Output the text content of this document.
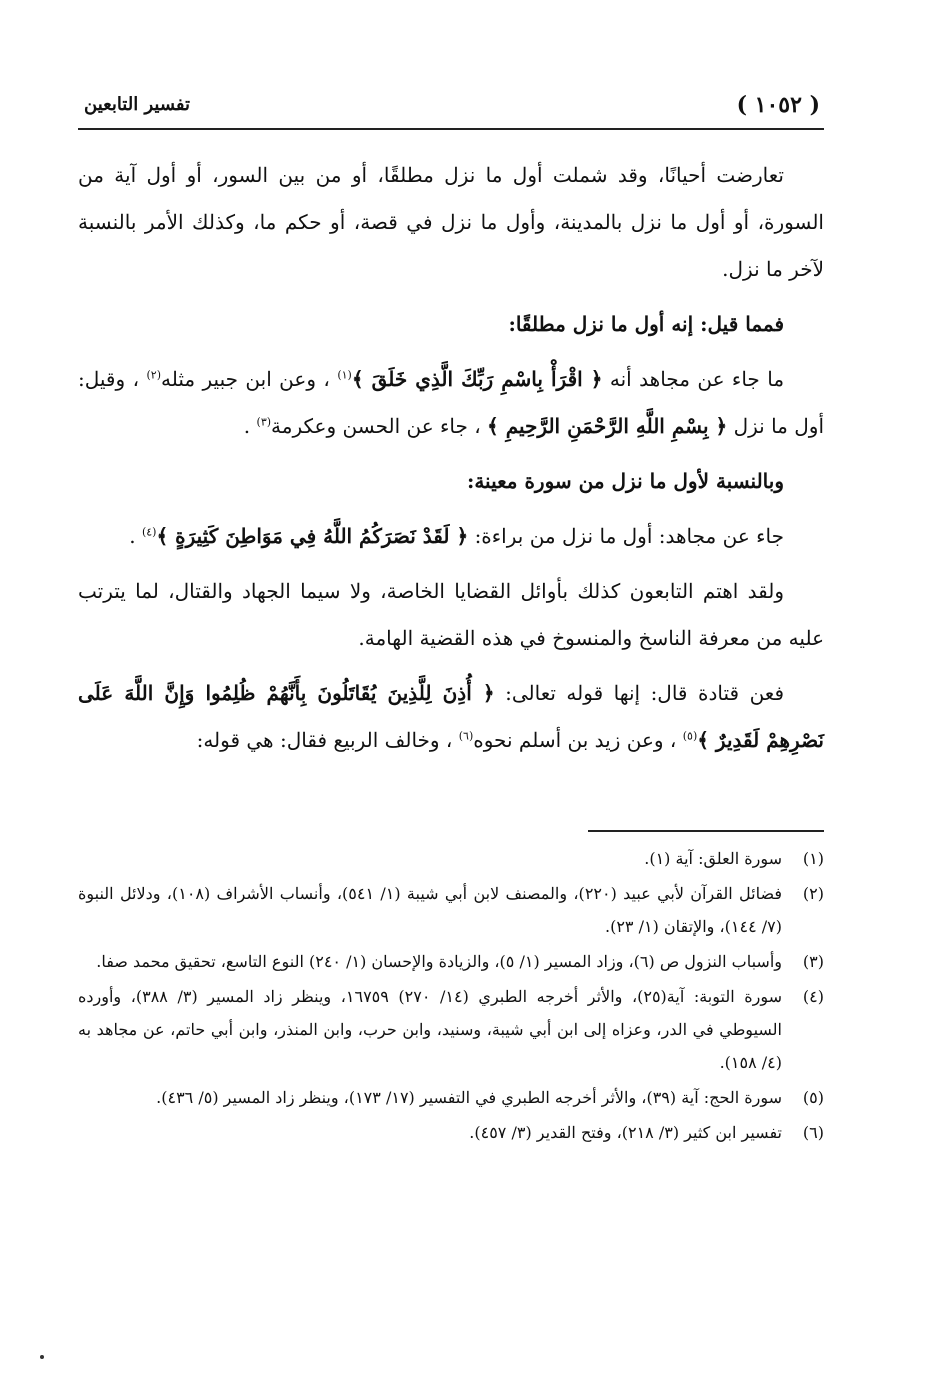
( ١٠٥٢ )
تفسير التابعين

تعارضت أحيانًا، وقد شملت أول ما نزل مطلقًا، أو من بين السور، أو أول آية من السورة، أو أول ما نزل بالمدينة، وأول ما نزل في قصة، أو حكم ما، وكذلك الأمر بالنسبة لآخر ما نزل.

فمما قيل: إنه أول ما نزل مطلقًا:

ما جاء عن مجاهد أنه ﴿ اقْرَأْ بِاسْمِ رَبِّكَ الَّذِي خَلَقَ ﴾$^{(١)}$ ، وعن ابن جبير مثله$^{(٢)}$ ، وقيل: أول ما نزل ﴿ بِسْمِ اللَّهِ الرَّحْمَنِ الرَّحِيمِ ﴾ ، جاء عن الحسن وعكرمة$^{(٣)}$ .

وبالنسبة لأول ما نزل من سورة معينة:

جاء عن مجاهد: أول ما نزل من براءة: ﴿ لَقَدْ نَصَرَكُمُ اللَّهُ فِي مَوَاطِنَ كَثِيرَةٍ ﴾$^{(٤)}$ .

ولقد اهتم التابعون كذلك بأوائل القضايا الخاصة، ولا سيما الجهاد والقتال، لما يترتب عليه من معرفة الناسخ والمنسوخ في هذه القضية الهامة.

فعن قتادة قال: إنها قوله تعالى: ﴿ أُذِنَ لِلَّذِينَ يُقَاتَلُونَ بِأَنَّهُمْ ظُلِمُوا وَإِنَّ اللَّهَ عَلَى نَصْرِهِمْ لَقَدِيرٌ ﴾$^{(٥)}$ ، وعن زيد بن أسلم نحوه$^{(٦)}$ ، وخالف الربيع فقال: هي قوله:

(١)
سورة العلق: آية (١).
(٢)
فضائل القرآن لأبي عبيد (٢٢٠)، والمصنف لابن أبي شيبة (١/ ٥٤١)، وأنساب الأشراف (١٠٨)، ودلائل النبوة (٧/ ١٤٤)، والإتقان (١/ ٢٣).
(٣)
وأسباب النزول ص (٦)، وزاد المسير (١/ ٥)، والزيادة والإحسان (١/ ٢٤٠) النوع التاسع، تحقيق محمد صفا.
(٤)
سورة التوبة: آية(٢٥)، والأثر أخرجه الطبري (١٤/ ٢٧٠) ١٦٧٥٩، وينظر زاد المسير (٣/ ٣٨٨)، وأورده السيوطي في الدر، وعزاه إلى ابن أبي شيبة، وسنيد، وابن حرب، وابن المنذر، وابن أبي حاتم، عن مجاهد به (٤/ ١٥٨).
(٥)
سورة الحج: آية (٣٩)، والأثر أخرجه الطبري في التفسير (١٧/ ١٧٣)، وينظر زاد المسير (٥/ ٤٣٦).
(٦)
تفسير ابن كثير (٣/ ٢١٨)، وفتح القدير (٣/ ٤٥٧).
